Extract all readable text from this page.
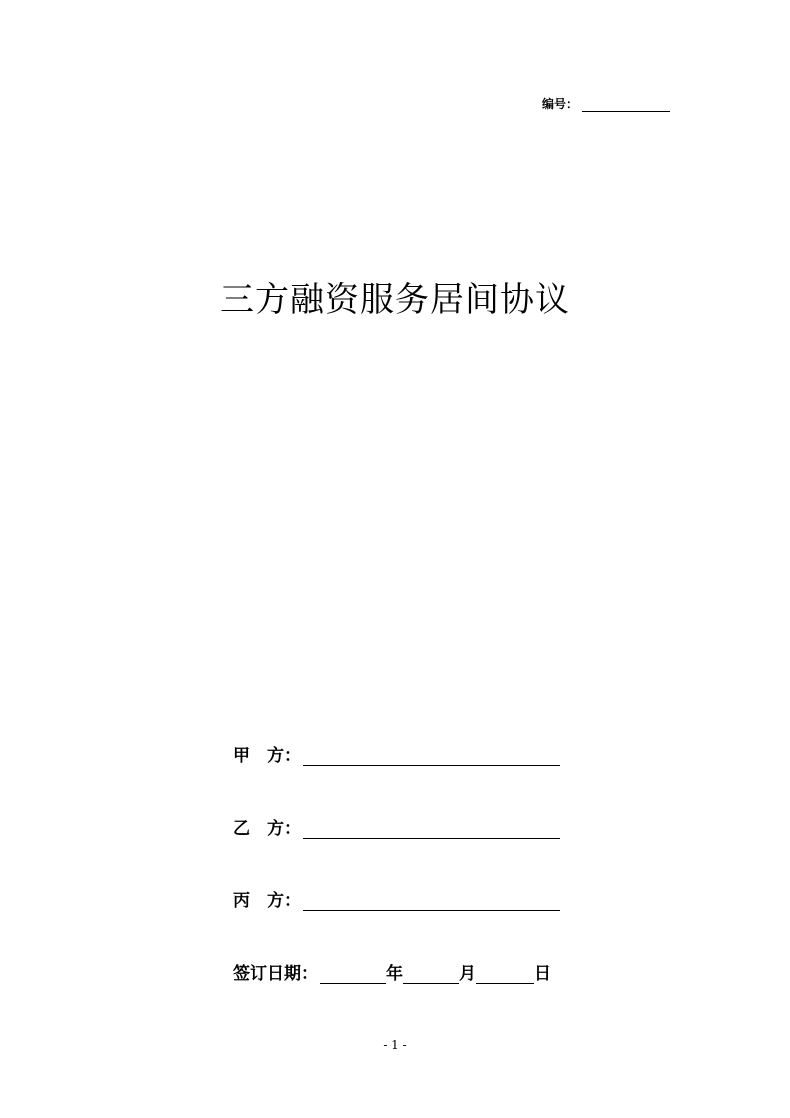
编号：
三方融资服务居间协议
甲　方：
乙　方：
丙　方：
签订日期：	年	月	日
- 1 -
